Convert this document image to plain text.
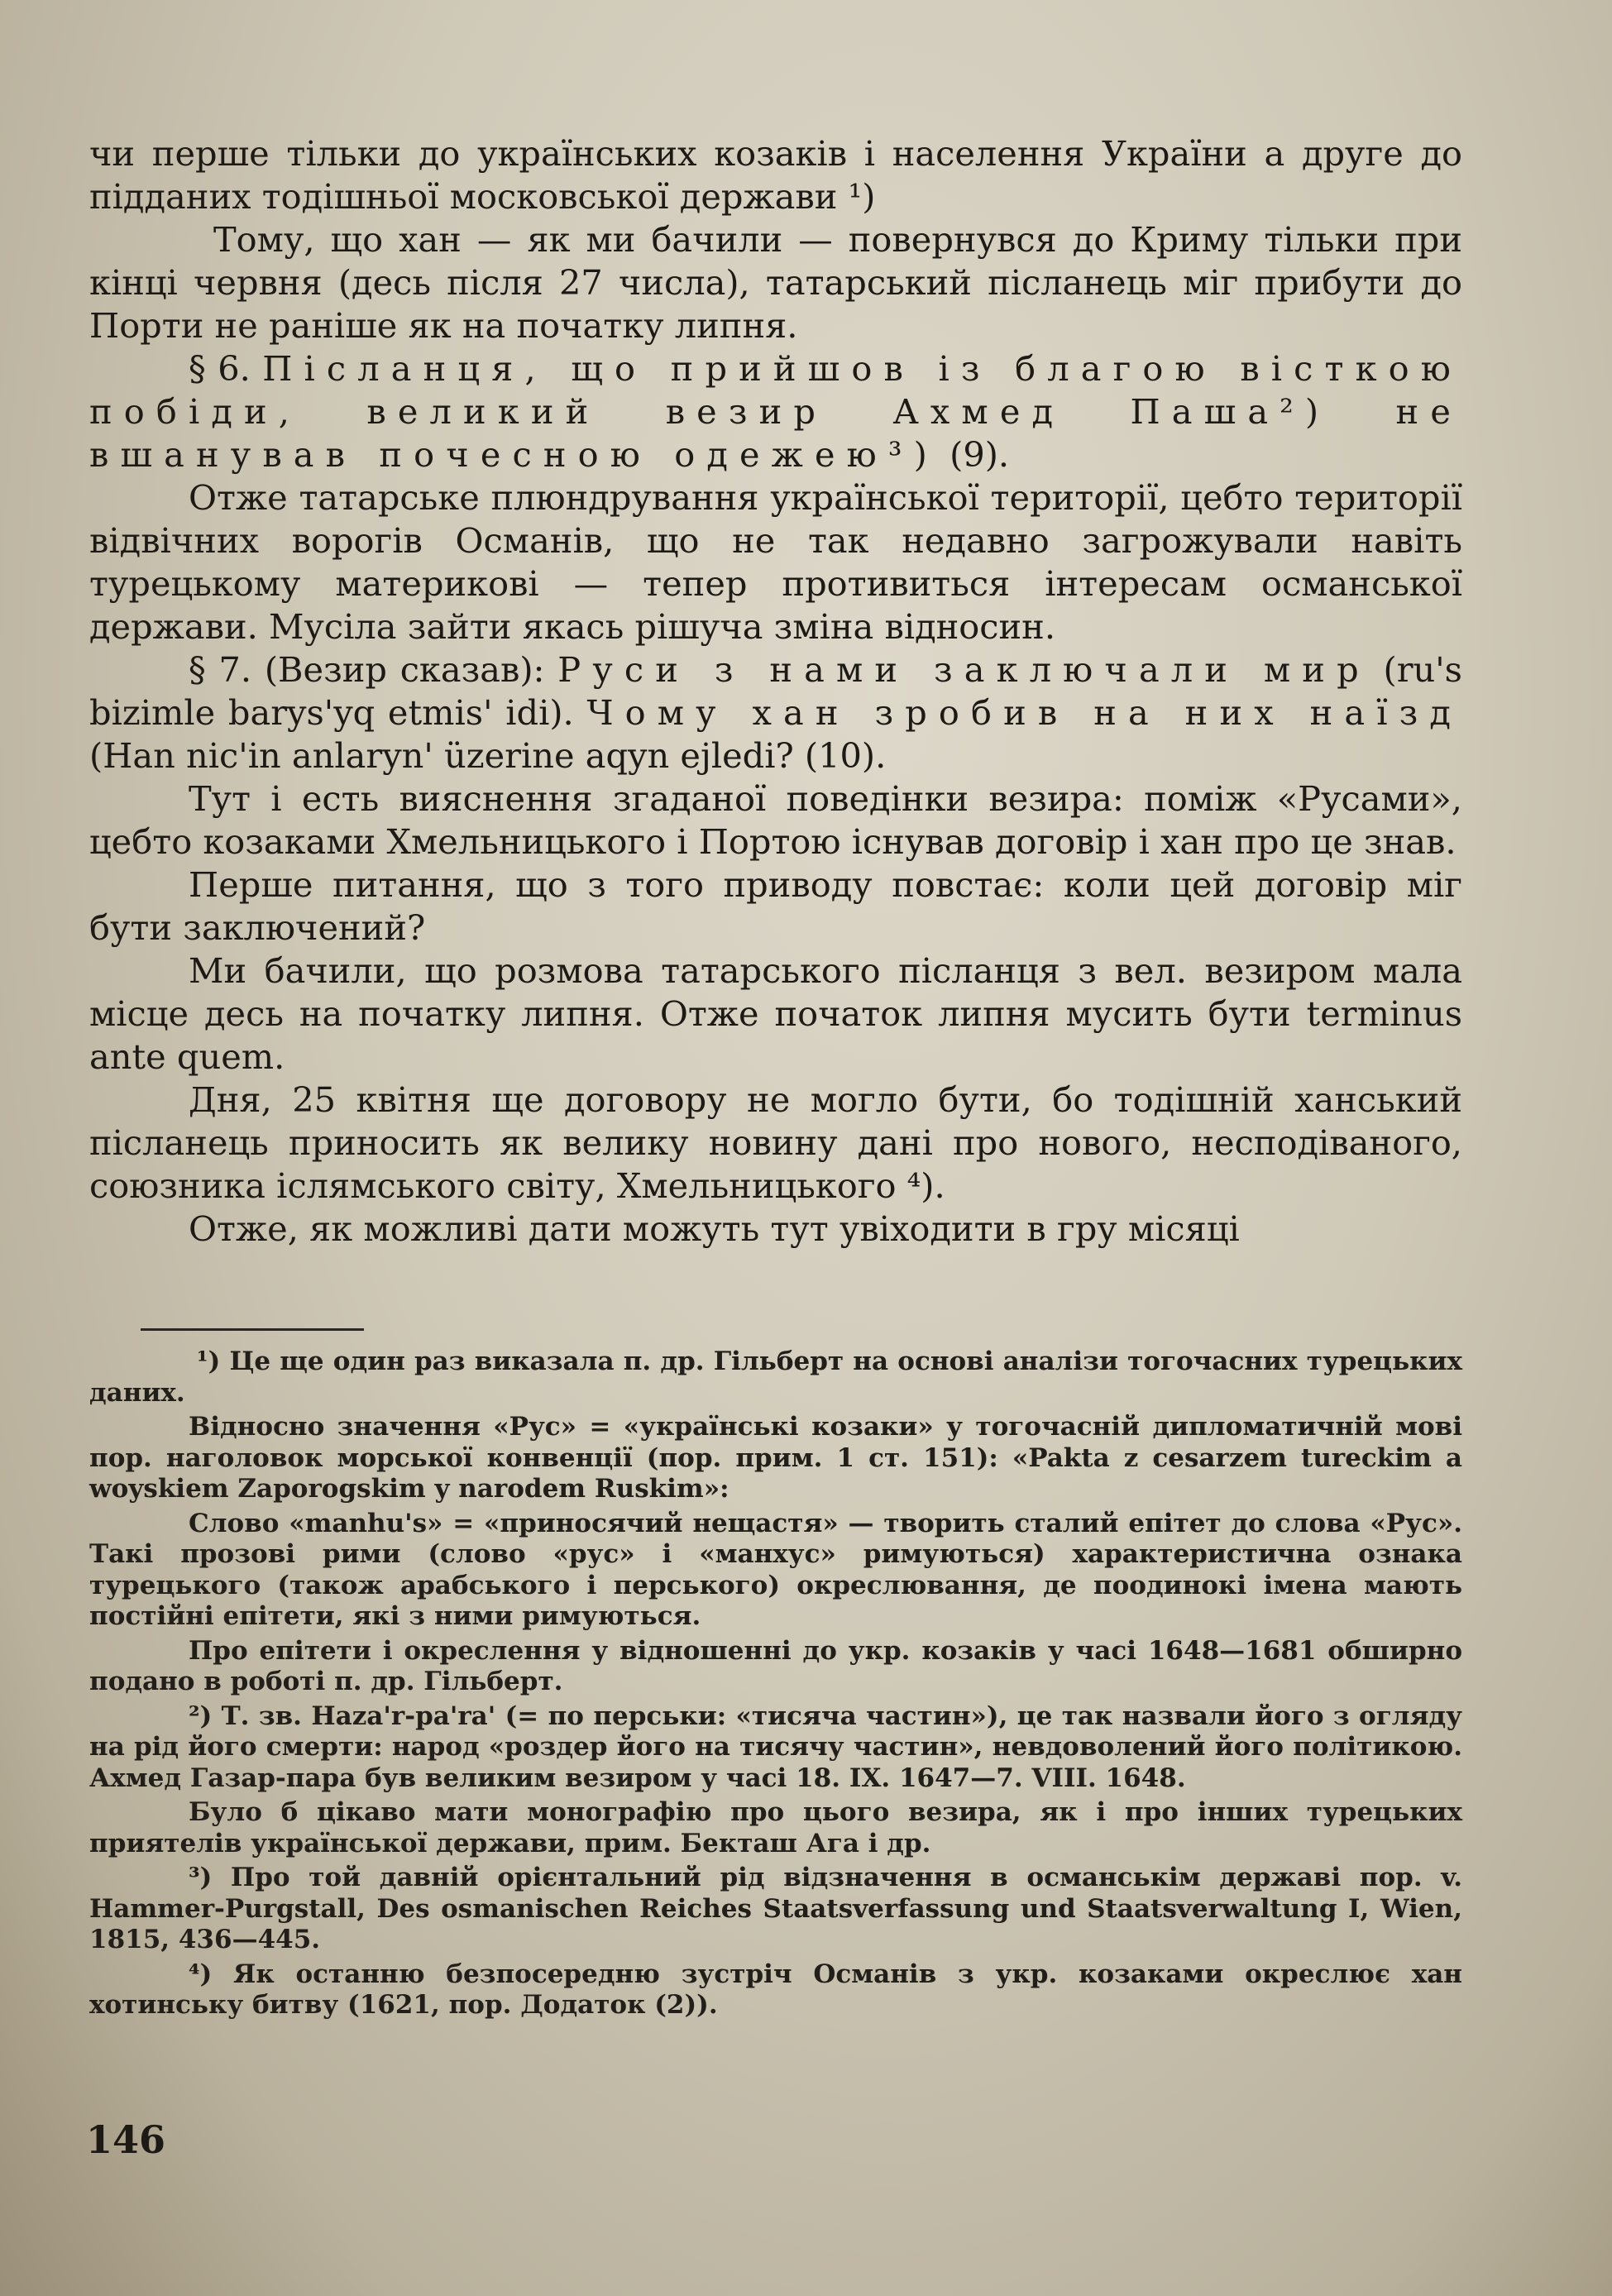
чи перше тільки до українських козаків і населення України а друге до підданих тодішньої московської держави ¹)

Тому, що хан — як ми бачили — повернувся до Криму тільки при кінці червня (десь після 27 числа), татарський післанець міг прибути до Порти не раніше як на початку липня.

§ 6. Післанця, що прийшов із благою вісткою побіди, великий везир Ахмед Паша²) не вшанував почесною одежею³) (9).

Отже татарське плюндрування української території, цебто території відвічних ворогів Османів, що не так недавно загрожували навіть турецькому материкові — тепер противиться інтересам османської держави. Мусіла зайти якась рішуча зміна відносин.

§ 7. (Везир сказав): Руси з нами заключали мир (ru's bizimle barys'yq etmis' idi). Чому хан зробив на них наїзд (Han nic'in anlaryn' üzerine aqyn ejledi? (10).

Тут і есть вияснення згаданої поведінки везира: поміж «Русами», цебто козаками Хмельницького і Портою існував договір і хан про це знав.

Перше питання, що з того приводу повстає: коли цей договір міг бути заключений?

Ми бачили, що розмова татарського післанця з вел. везиром мала місце десь на початку липня. Отже початок липня мусить бути terminus ante quem.

Дня, 25 квітня ще договору не могло бути, бо тодішній ханський післанець приносить як велику новину дані про нового, несподіваного, союзника іслямського світу, Хмельницького ⁴).

Отже, як можливі дати можуть тут увіходити в гру місяці

¹) Це ще один раз виказала п. др. Гільберт на основі аналізи тогочасних турецьких даних.

Відносно значення «Рус» = «українські козаки» у тогочасній дипломатичній мові пор. наголовок морської конвенції (пор. прим. 1 ст. 151): «Pakta z cesarzem tureckim a woyskiem Zaporogskim y narodem Ruskim»:

Слово «manhu's» = «приносячий нещастя» — творить сталий епітет до слова «Рус». Такі прозові рими (слово «рус» і «манхус» римуються) характеристична ознака турецького (також арабського і перського) окреслювання, де поодинокі імена мають постійні епітети, які з ними римуються.

Про епітети і окреслення у відношенні до укр. козаків у часі 1648—1681 обширно подано в роботі п. др. Гільберт.

²) Т. зв. Haza'r-pa'ra' (= по перськи: «тисяча частин»), це так назвали його з огляду на рід його смерти: народ «роздер його на тисячу частин», невдоволений його політикою. Ахмед Газар-пара був великим везиром у часі 18. IX. 1647—7. VIII. 1648.

Було б цікаво мати монографію про цього везира, як і про інших турецьких приятелів української держави, прим. Бекташ Ага і др.

³) Про той давній орієнтальний рід відзначення в османськім державі пор. v. Hammer-Purgstall, Des osmanischen Reiches Staatsverfassung und Staatsverwaltung I, Wien, 1815, 436—445.

⁴) Як останню безпосередню зустріч Османів з укр. козаками окреслює хан хотинську битву (1621, пор. Додаток (2)).

146
